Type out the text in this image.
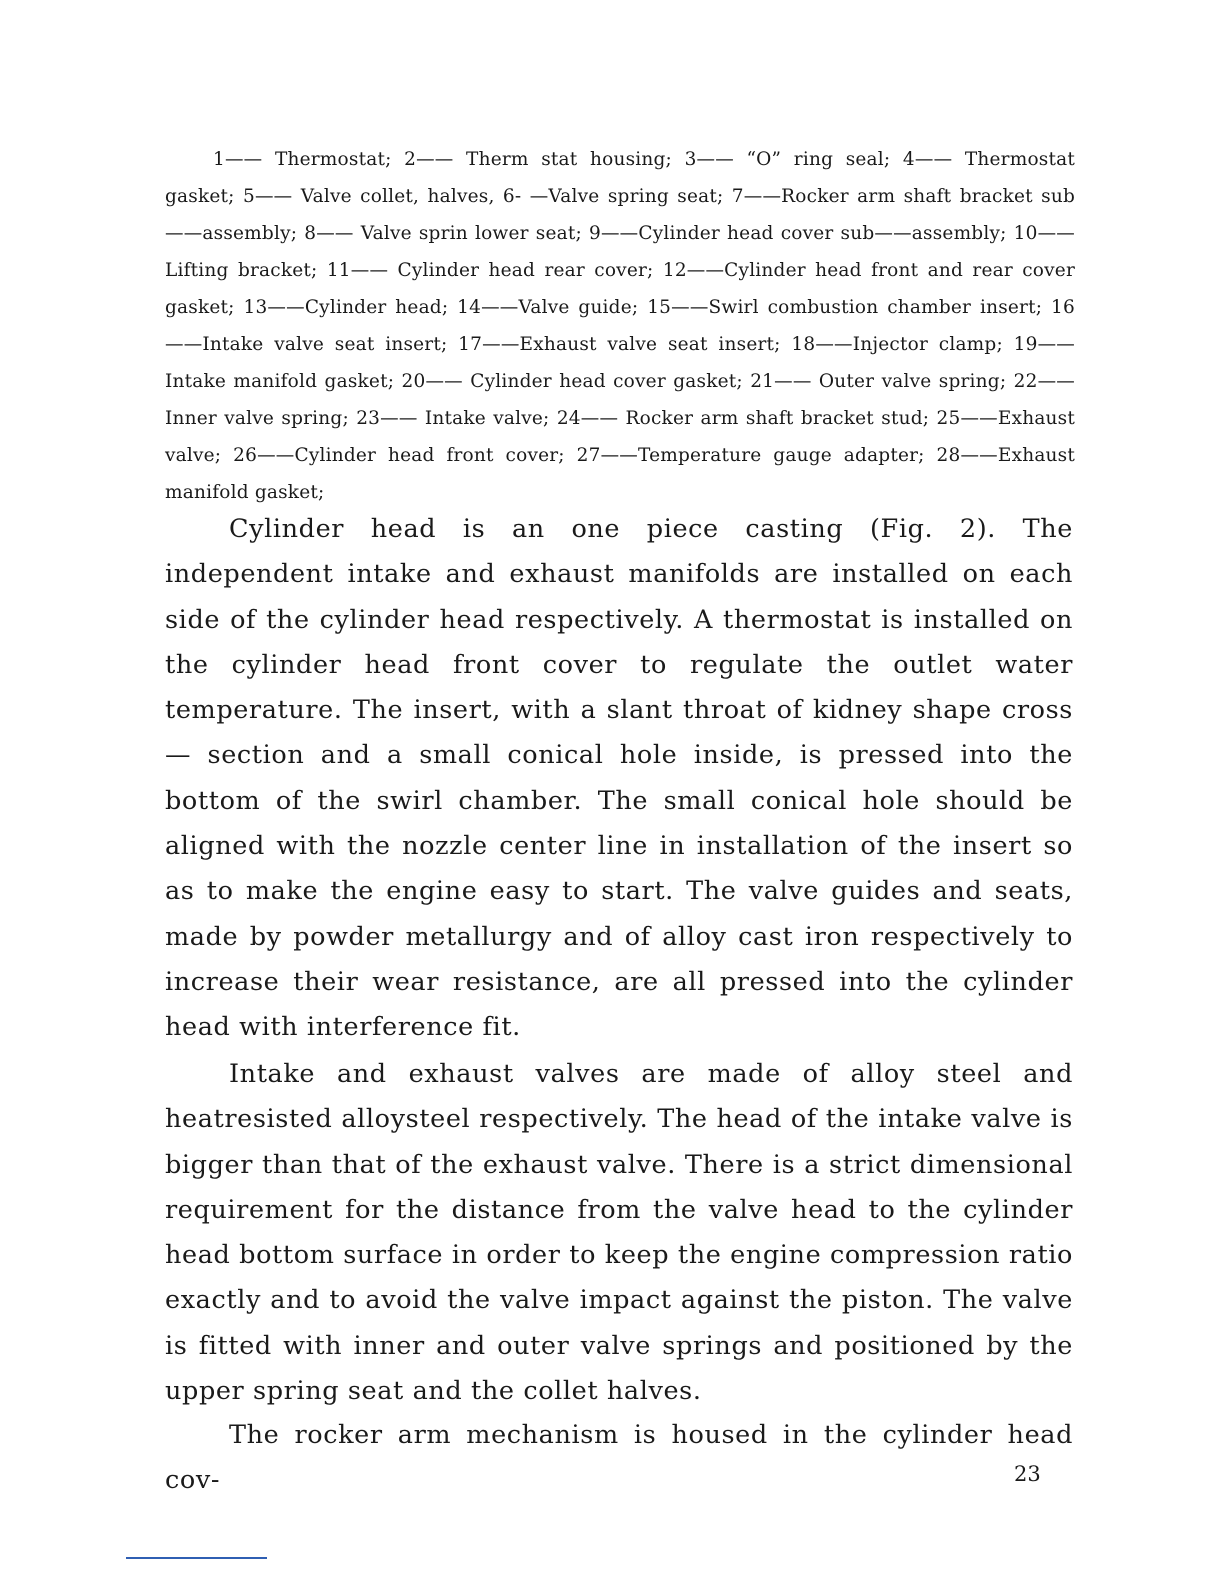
1—— Thermostat; 2—— Therm stat housing; 3—— “O” ring seal; 4—— Thermostat gasket; 5—— Valve collet, halves, 6- —Valve spring seat; 7——Rocker arm shaft bracket sub——assembly; 8—— Valve sprin lower seat; 9——Cylinder head cover sub——assembly; 10——Lifting bracket; 11—— Cylinder head rear cover; 12——Cylinder head front and rear cover gasket; 13——Cylinder head; 14——Valve guide; 15——Swirl combustion chamber insert; 16——Intake valve seat insert; 17——Exhaust valve seat insert; 18——Injector clamp; 19—— Intake manifold gasket; 20—— Cylinder head cover gasket; 21—— Outer valve spring; 22—— Inner valve spring; 23—— Intake valve; 24—— Rocker arm shaft bracket stud; 25——Exhaust valve; 26——Cylinder head front cover; 27——Temperature gauge adapter; 28——Exhaust manifold gasket;

Cylinder head is an one piece casting (Fig. 2). The independent intake and exhaust manifolds are installed on each side of the cylinder head respectively. A thermostat is installed on the cylinder head front cover to regulate the outlet water temperature. The insert, with a slant throat of kidney shape cross — section and a small conical hole inside, is pressed into the bottom of the swirl chamber. The small conical hole should be aligned with the nozzle center line in installation of the insert so as to make the engine easy to start. The valve guides and seats, made by powder metallurgy and of alloy cast iron respectively to increase their wear resistance, are all pressed into the cylinder head with interference fit.

Intake and exhaust valves are made of alloy steel and heatresisted alloysteel respectively. The head of the intake valve is bigger than that of the exhaust valve. There is a strict dimensional requirement for the distance from the valve head to the cylinder head bottom surface in order to keep the engine compression ratio exactly and to avoid the valve impact against the piston. The valve is fitted with inner and outer valve springs and positioned by the upper spring seat and the collet halves.

The rocker arm mechanism is housed in the cylinder head cov-	23
